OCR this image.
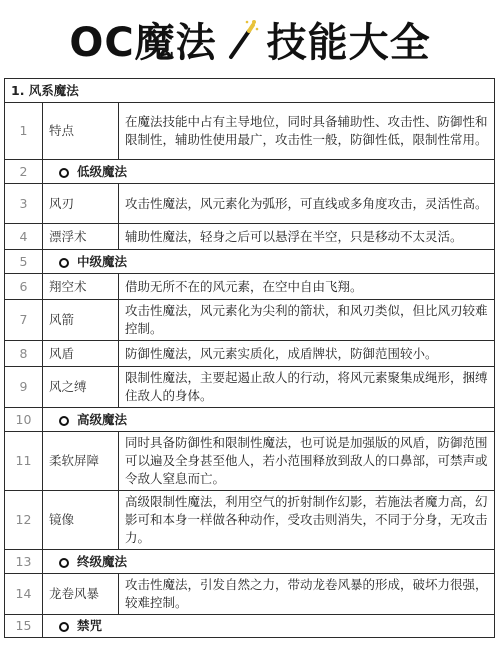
OC魔法 技能大全
1. 风系魔法		
1	特点	在魔法技能中占有主导地位，同时具备辅助性、攻击性、防御性和限制性，辅助性使用最广，攻击性一般，防御性低，限制性常用。
2	低级魔法	
3	风刃	攻击性魔法，风元素化为弧形，可直线或多角度攻击，灵活性高。
4	漂浮术	辅助性魔法，轻身之后可以悬浮在半空，只是移动不太灵活。
5	中级魔法	
6	翔空术	借助无所不在的风元素，在空中自由飞翔。
7	风箭	攻击性魔法，风元素化为尖利的箭状，和风刃类似，但比风刃较难控制。
8	风盾	防御性魔法，风元素实质化，成盾牌状，防御范围较小。
9	风之缚	限制性魔法，主要起遏止敌人的行动，将风元素聚集成绳形，捆缚住敌人的身体。
10	高级魔法	
11	柔软屏障	同时具备防御性和限制性魔法，也可说是加强版的风盾，防御范围可以遍及全身甚至他人，若小范围释放到敌人的口鼻部，可禁声或令敌人窒息而亡。
12	镜像	高级限制性魔法，利用空气的折射制作幻影，若施法者魔力高，幻影可和本身一样做各种动作，受攻击则消失，不同于分身，无攻击力。
13	终级魔法	
14	龙卷风暴	攻击性魔法，引发自然之力，带动龙卷风暴的形成，破坏力很强，较难控制。
15	禁咒	
